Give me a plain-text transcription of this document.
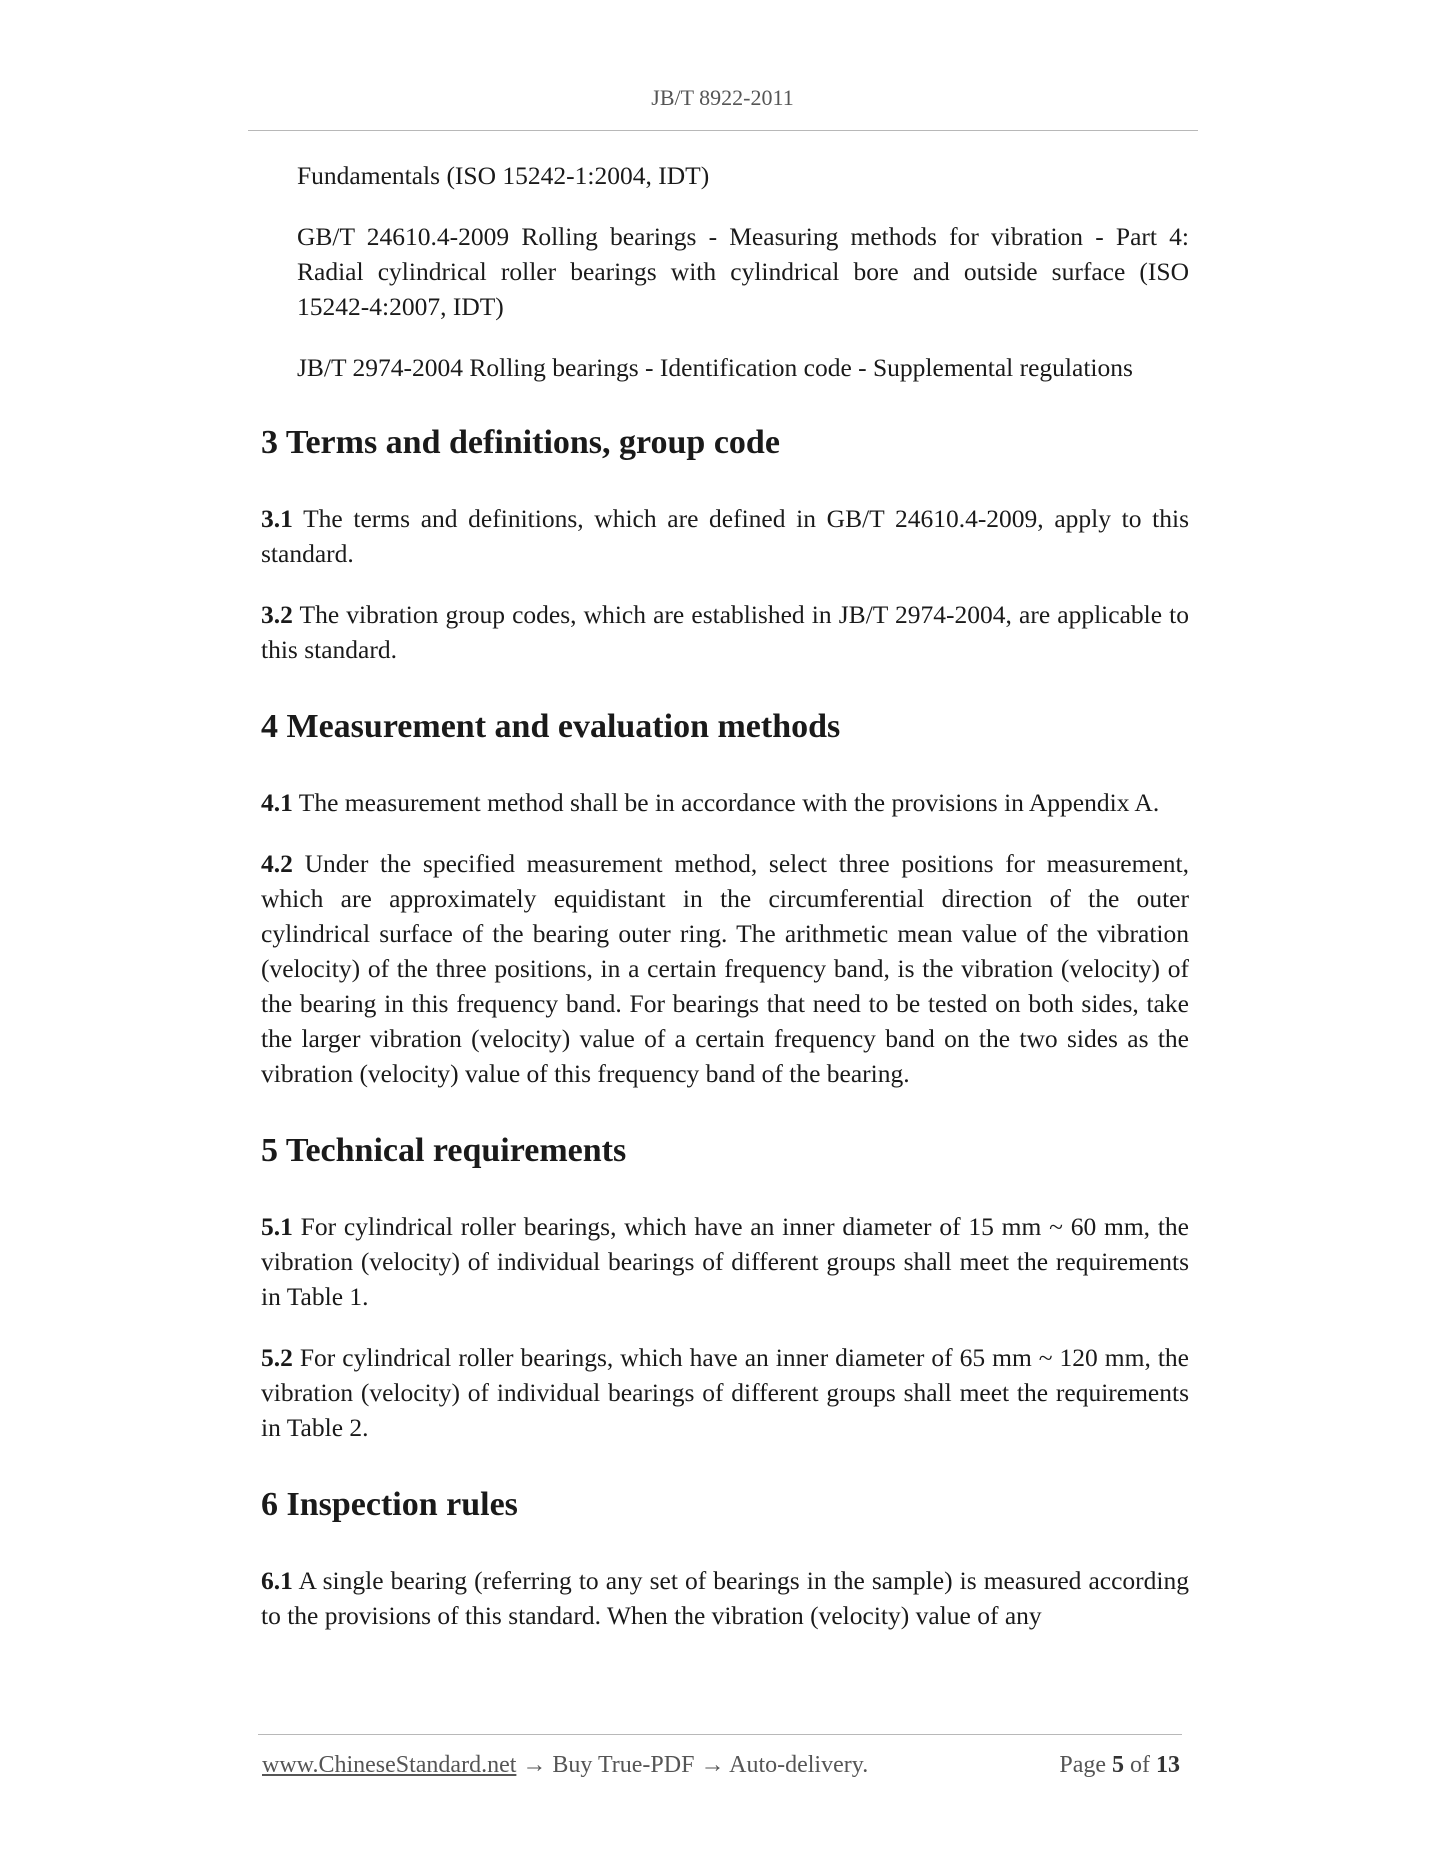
JB/T 8922-2011

Fundamentals (ISO 15242-1:2004, IDT)

GB/T 24610.4-2009 Rolling bearings - Measuring methods for vibration - Part 4: Radial cylindrical roller bearings with cylindrical bore and outside surface (ISO 15242-4:2007, IDT)

JB/T 2974-2004 Rolling bearings - Identification code - Supplemental regulations

3 Terms and definitions, group code

3.1 The terms and definitions, which are defined in GB/T 24610.4-2009, apply to this standard.

3.2 The vibration group codes, which are established in JB/T 2974-2004, are applicable to this standard.

4 Measurement and evaluation methods

4.1 The measurement method shall be in accordance with the provisions in Appendix A.

4.2 Under the specified measurement method, select three positions for measurement, which are approximately equidistant in the circumferential direction of the outer cylindrical surface of the bearing outer ring. The arithmetic mean value of the vibration (velocity) of the three positions, in a certain frequency band, is the vibration (velocity) of the bearing in this frequency band. For bearings that need to be tested on both sides, take the larger vibration (velocity) value of a certain frequency band on the two sides as the vibration (velocity) value of this frequency band of the bearing.

5 Technical requirements

5.1 For cylindrical roller bearings, which have an inner diameter of 15 mm ~ 60 mm, the vibration (velocity) of individual bearings of different groups shall meet the requirements in Table 1.

5.2 For cylindrical roller bearings, which have an inner diameter of 65 mm ~ 120 mm, the vibration (velocity) of individual bearings of different groups shall meet the requirements in Table 2.

6 Inspection rules

6.1 A single bearing (referring to any set of bearings in the sample) is measured according to the provisions of this standard. When the vibration (velocity) value of any

www.ChineseStandard.net → Buy True-PDF → Auto-delivery.	Page 5 of 13
